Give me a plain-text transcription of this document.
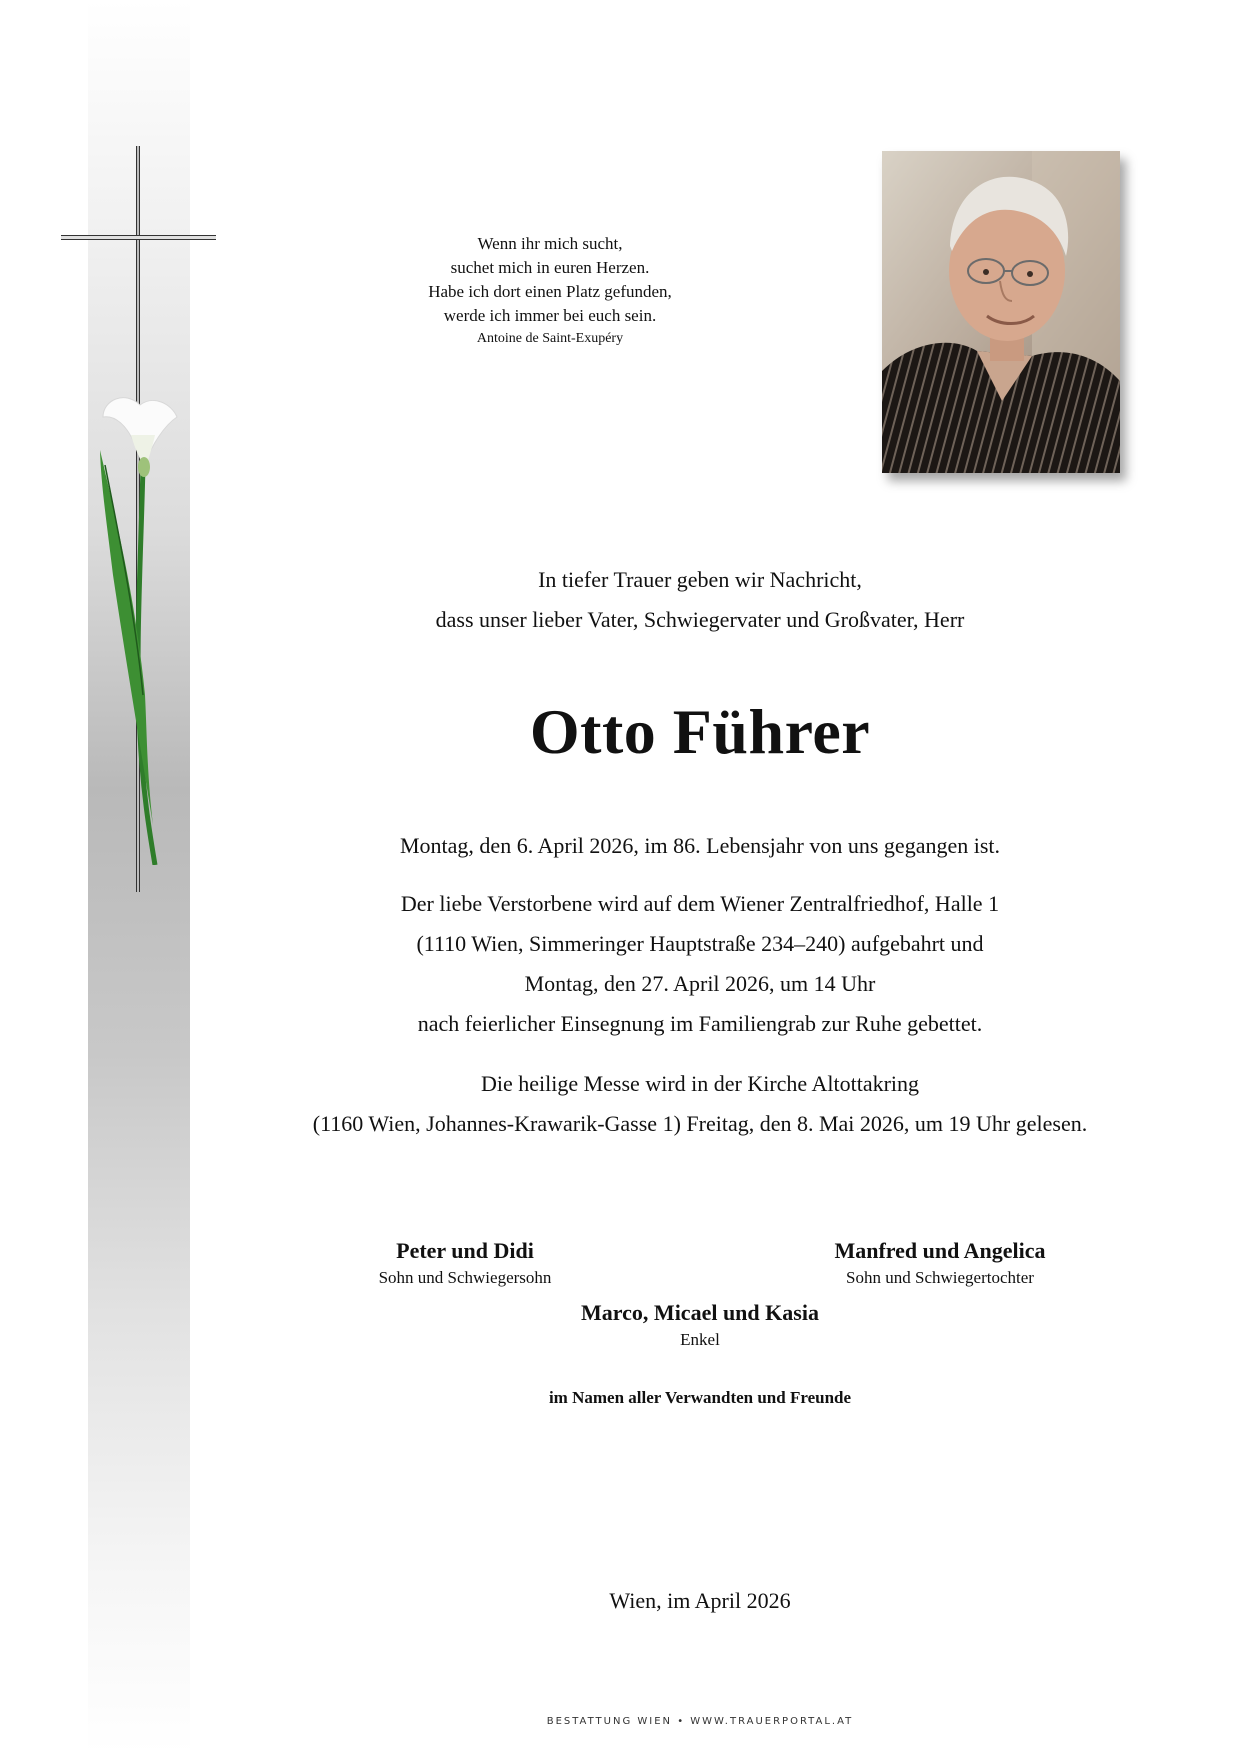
Wenn ihr mich sucht,
suchet mich in euren Herzen.
Habe ich dort einen Platz gefunden,
werde ich immer bei euch sein.
Antoine de Saint-Exupéry
In tiefer Trauer geben wir Nachricht,
dass unser lieber Vater, Schwiegervater und Großvater, Herr
Otto Führer
Montag, den 6. April 2026, im 86. Lebensjahr von uns gegangen ist.
Der liebe Verstorbene wird auf dem Wiener Zentralfriedhof, Halle 1
(1110 Wien, Simmeringer Hauptstraße 234–240) aufgebahrt und
Montag, den 27. April 2026, um 14 Uhr
nach feierlicher Einsegnung im Familiengrab zur Ruhe gebettet.
Die heilige Messe wird in der Kirche Altottakring
(1160 Wien, Johannes-Krawarik-Gasse 1) Freitag, den 8. Mai 2026, um 19 Uhr gelesen.
Peter und Didi
Sohn und Schwiegersohn
Manfred und Angelica
Sohn und Schwiegertochter
Marco, Micael und Kasia
Enkel
im Namen aller Verwandten und Freunde
Wien, im April 2026
BESTATTUNG WIEN • WWW.TRAUERPORTAL.AT
